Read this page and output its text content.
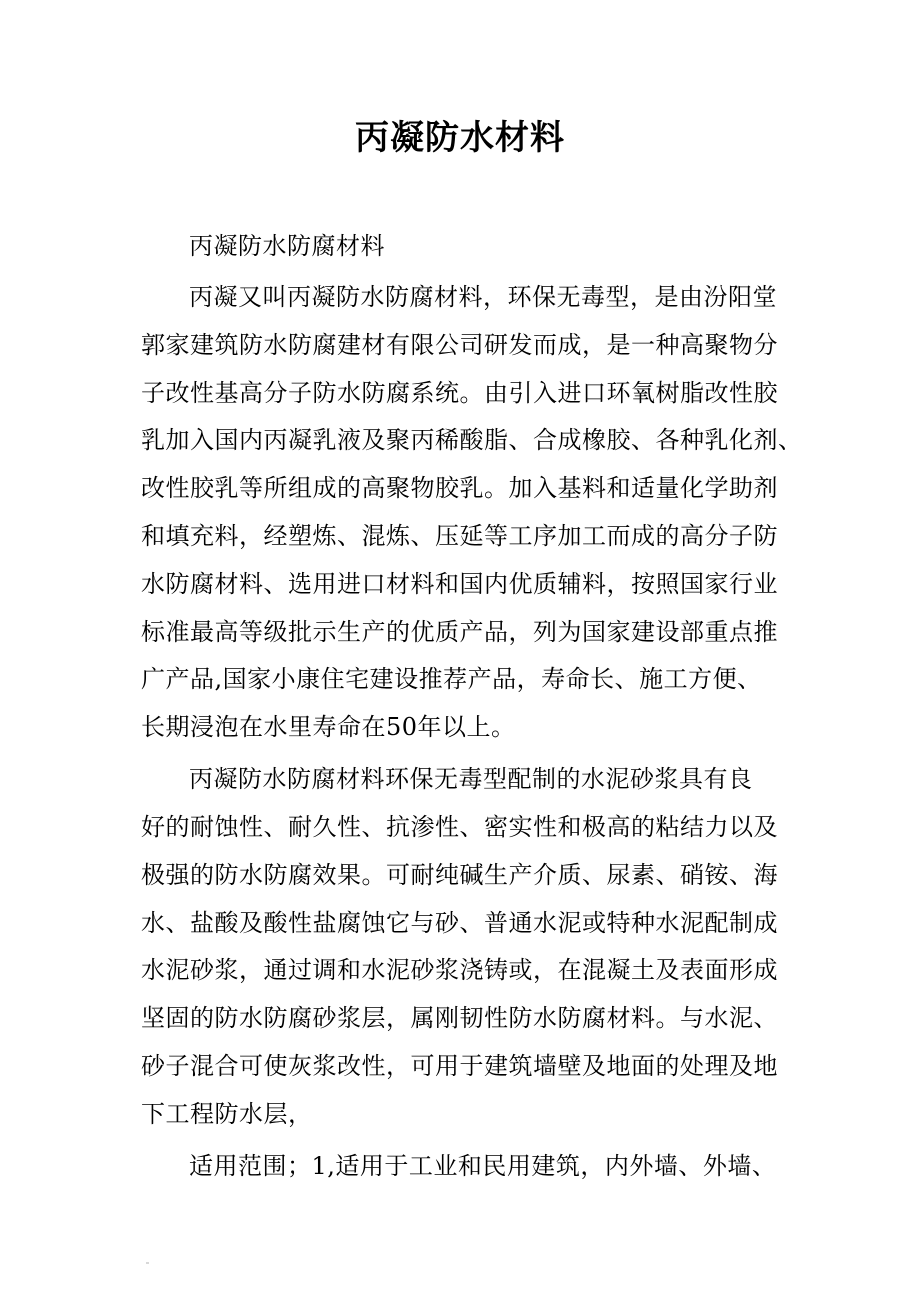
丙凝防水材料
丙凝防水防腐材料
丙凝又叫丙凝防水防腐材料，环保无毒型，是由汾阳堂
郭家建筑防水防腐建材有限公司研发而成，是一种高聚物分
子改性基高分子防水防腐系统。由引入进口环氧树脂改性胶
乳加入国内丙凝乳液及聚丙稀酸脂、合成橡胶、各种乳化剂、
改性胶乳等所组成的高聚物胶乳。加入基料和适量化学助剂
和填充料，经塑炼、混炼、压延等工序加工而成的高分子防
水防腐材料、选用进口材料和国内优质辅料，按照国家行业
标准最高等级批示生产的优质产品，列为国家建设部重点推
广产品,国家小康住宅建设推荐产品，寿命长、施工方便、
长期浸泡在水里寿命在50年以上。
丙凝防水防腐材料环保无毒型配制的水泥砂浆具有良
好的耐蚀性、耐久性、抗渗性、密实性和极高的粘结力以及
极强的防水防腐效果。可耐纯碱生产介质、尿素、硝铵、海
水、盐酸及酸性盐腐蚀它与砂、普通水泥或特种水泥配制成
水泥砂浆，通过调和水泥砂浆浇铸或，在混凝土及表面形成
坚固的防水防腐砂浆层，属刚韧性防水防腐材料。与水泥、
砂子混合可使灰浆改性，可用于建筑墙壁及地面的处理及地
下工程防水层，
适用范围；1,适用于工业和民用建筑，内外墙、外墙、
